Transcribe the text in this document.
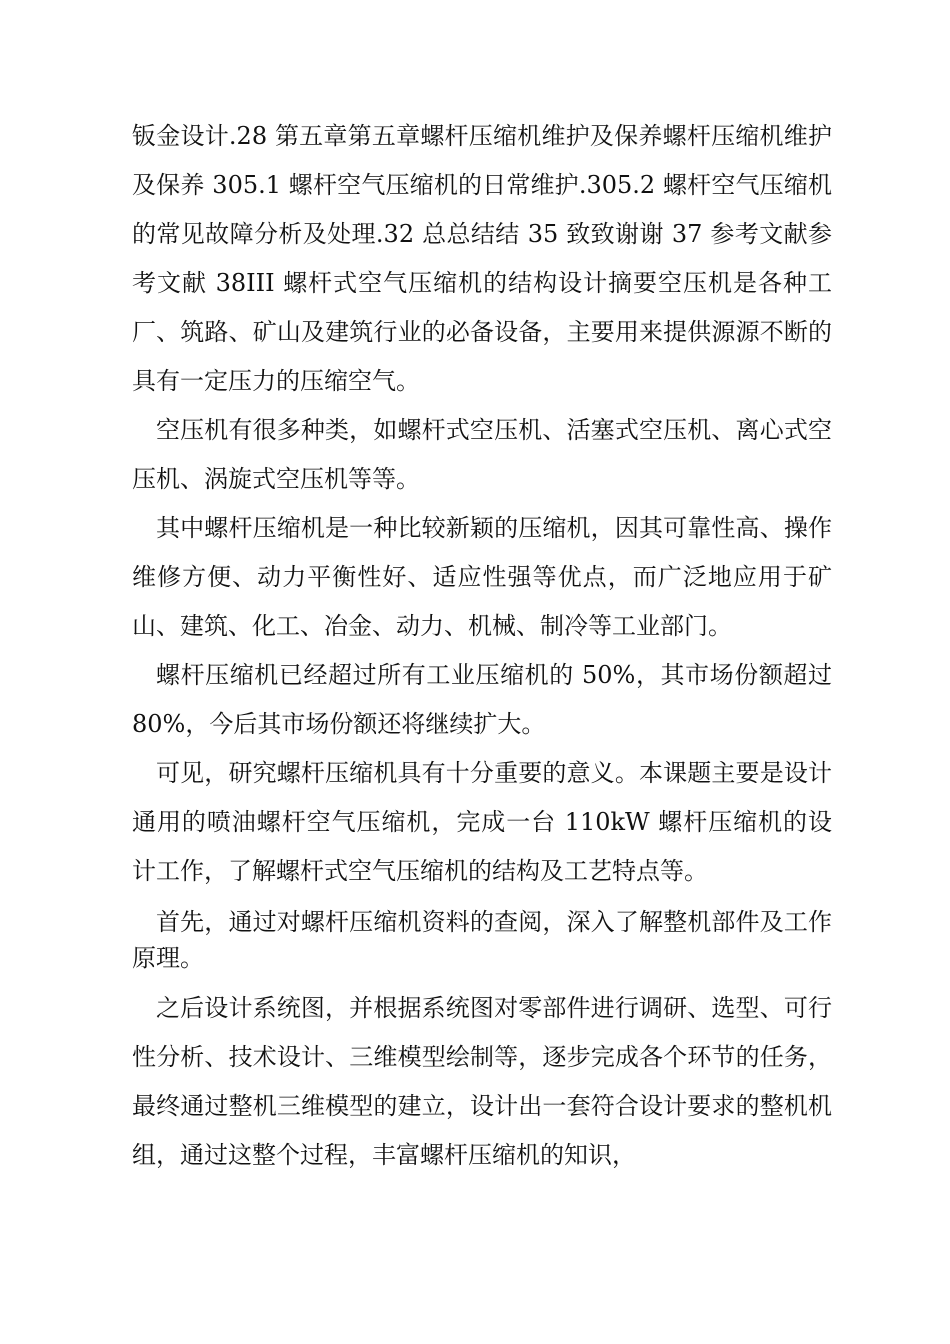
钣金设计.28 第五章第五章螺杆压缩机维护及保养螺杆压缩机维护及保养 305.1 螺杆空气压缩机的日常维护.305.2 螺杆空气压缩机的常见故障分析及处理.32 总总结结 35 致致谢谢 37 参考文献参考文献 38III 螺杆式空气压缩机的结构设计摘要空压机是各种工厂、筑路、矿山及建筑行业的必备设备，主要用来提供源源不断的具有一定压力的压缩空气。

空压机有很多种类，如螺杆式空压机、活塞式空压机、离心式空压机、涡旋式空压机等等。

其中螺杆压缩机是一种比较新颖的压缩机，因其可靠性高、操作维修方便、动力平衡性好、适应性强等优点，而广泛地应用于矿山、建筑、化工、冶金、动力、机械、制冷等工业部门。

螺杆压缩机已经超过所有工业压缩机的 50%，其市场份额超过 80%，今后其市场份额还将继续扩大。

可见，研究螺杆压缩机具有十分重要的意义。本课题主要是设计通用的喷油螺杆空气压缩机，完成一台 110kW 螺杆压缩机的设计工作，了解螺杆式空气压缩机的结构及工艺特点等。

首先，通过对螺杆压缩机资料的查阅，深入了解整机部件及工作原理。

之后设计系统图，并根据系统图对零部件进行调研、选型、可行性分析、技术设计、三维模型绘制等，逐步完成各个环节的任务，最终通过整机三维模型的建立，设计出一套符合设计要求的整机机组，通过这整个过程，丰富螺杆压缩机的知识，
